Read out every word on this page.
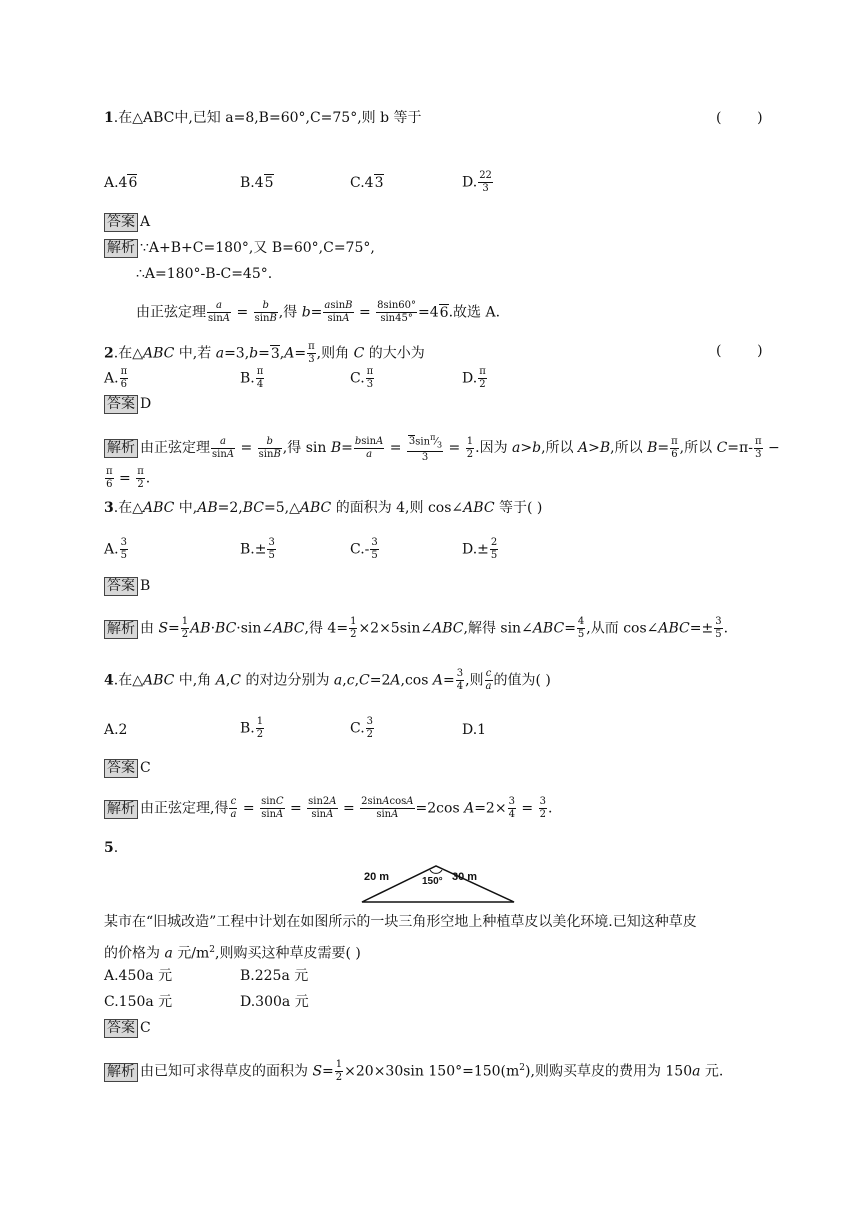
1.在△ABC中,已知 a=8,B=60°,C=75°,则 b 等于	(        )
A.46	B.45	C.43	D. $\frac{22}{3}$
答案 A
解析 ∵A+B+C=180°,又 B=60°,C=75°,
∴A=180°-B-C=45°.
由正弦定理 $\frac{a}{\sin A} = \frac{b}{\sin B}$ ,得 $b= \frac{asinB}{\sin A} = \frac{8\sin 60^\circ}{\sin 45^\circ} =46$.故选 A.
2.在△ABC 中,若 $a=3,b=3,A= \frac{\pi}{3}$ ,则角 C 的大小为	(        )
A. $\frac{\pi}{6}$	B. $\frac{\pi}{4}$	C. $\frac{\pi}{3}$	D. $\frac{\pi}{2}$
答案 D
解析 由正弦定理 $\frac{a}{\sin A} = \frac{b}{\sin B}$ ,得 $\sin B= \frac{bsinA}{a} = \frac{3\sin^\pi⁄_3}{3} = \frac{1}{2}$ .因为 a>b,所以 A>B,所以 $B= \frac{\pi}{6}$ ,所以 $C=\pi- \frac{\pi}{3}$ −
$\frac{\pi}{6} = \frac{\pi}{2}$ .
3.在△ABC 中,AB=2,BC=5,△ABC 的面积为 4,则 cos∠ABC 等于( )
A. $\frac{3}{5}$	$B.\pm \frac{3}{5}$	$C.- \frac{3}{5}$	$D.\pm \frac{2}{5}$
答案 B
解析 由 $S= \frac{1}{2}$ AB·BC·sin∠ABC,得 $4= \frac{1}{2}$ ×2×5sin∠ABC,解得 sin∠ABC= $\frac{4}{5}$ ,从而 cos∠ABC=± $\frac{3}{5}$ .
4.在△ABC 中,角 A,C 的对边分别为 a,c,C=2A,cos $A= \frac{3}{4}$ ,则 $\frac{c}{a}$ 的值为( )
A.2	B. $\frac{1}{2}$	C. $\frac{3}{2}$	D.1
答案 C
解析 由正弦定理,得 $\frac{c}{a} = \frac{\sin C}{\sin A} = \frac{\sin 2A}{\sin A} = \frac{\text{2sinAcosA}}{\sin A} =2\cos$ $A=2\times \frac{3}{4} = \frac{3}{2}$ .
5.
20 m	150° 30 m
某市在“旧城改造”工程中计划在如图所示的一块三角形空地上种植草皮以美化环境.已知这种草皮
的价格为 a 元$/m^2$,则购买这种草皮需要( )
A.450a 元	B.225a 元
C.150a 元	D.300a 元
答案 C
解析 由已知可求得草皮的面积为 $S= \frac{1}{2} \times 20\times 30\sin$ $150^\circ=150(m^2)$,则购买草皮的费用为 150a 元.
